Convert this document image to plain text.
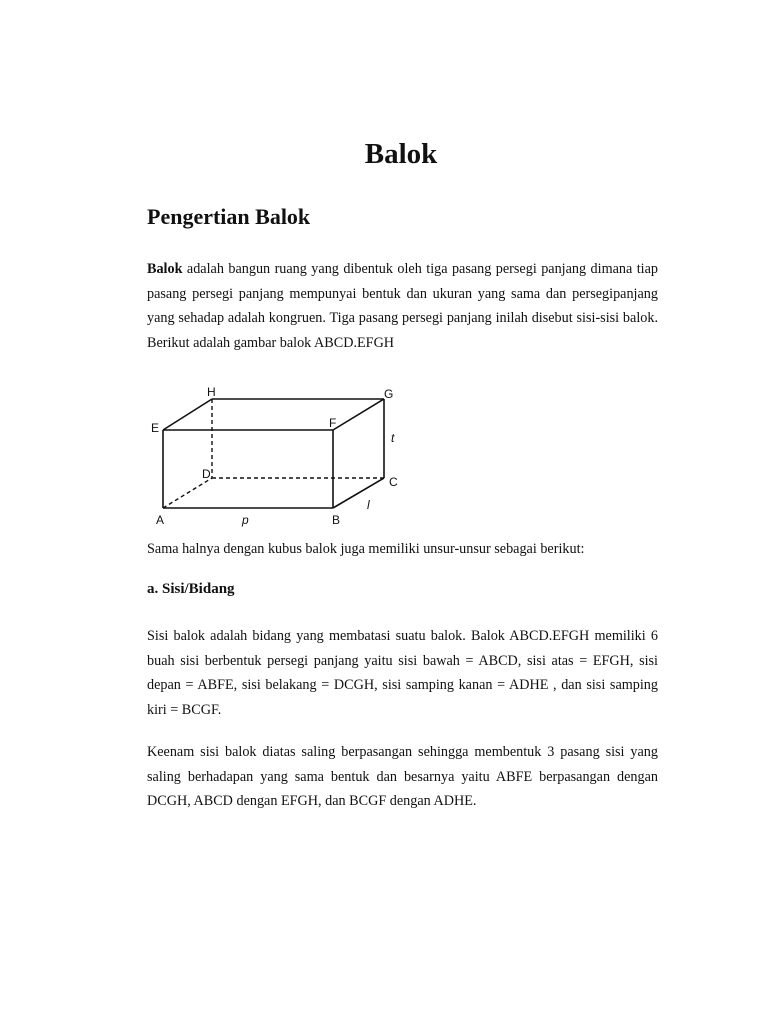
Balok
Pengertian Balok

Balok adalah bangun ruang yang dibentuk oleh tiga pasang persegi panjang dimana tiap pasang persegi panjang mempunyai bentuk dan ukuran yang sama dan persegipanjang yang sehadap adalah kongruen. Tiga pasang persegi panjang inilah disebut sisi-sisi balok. Berikut adalah gambar balok ABCD.EFGH

A	B
C
D
E	F
G
H
p
l
t

Sama halnya dengan kubus balok juga memiliki unsur-unsur sebagai berikut:

a. Sisi/Bidang

Sisi balok adalah bidang yang membatasi suatu balok. Balok ABCD.EFGH memiliki 6 buah sisi berbentuk persegi panjang yaitu sisi bawah = ABCD, sisi atas = EFGH, sisi depan = ABFE, sisi belakang = DCGH, sisi samping kanan = ADHE , dan sisi samping kiri = BCGF.

Keenam sisi balok diatas saling berpasangan sehingga membentuk 3 pasang sisi yang saling berhadapan yang sama bentuk dan besarnya yaitu ABFE berpasangan dengan DCGH, ABCD dengan EFGH, dan BCGF dengan ADHE.
